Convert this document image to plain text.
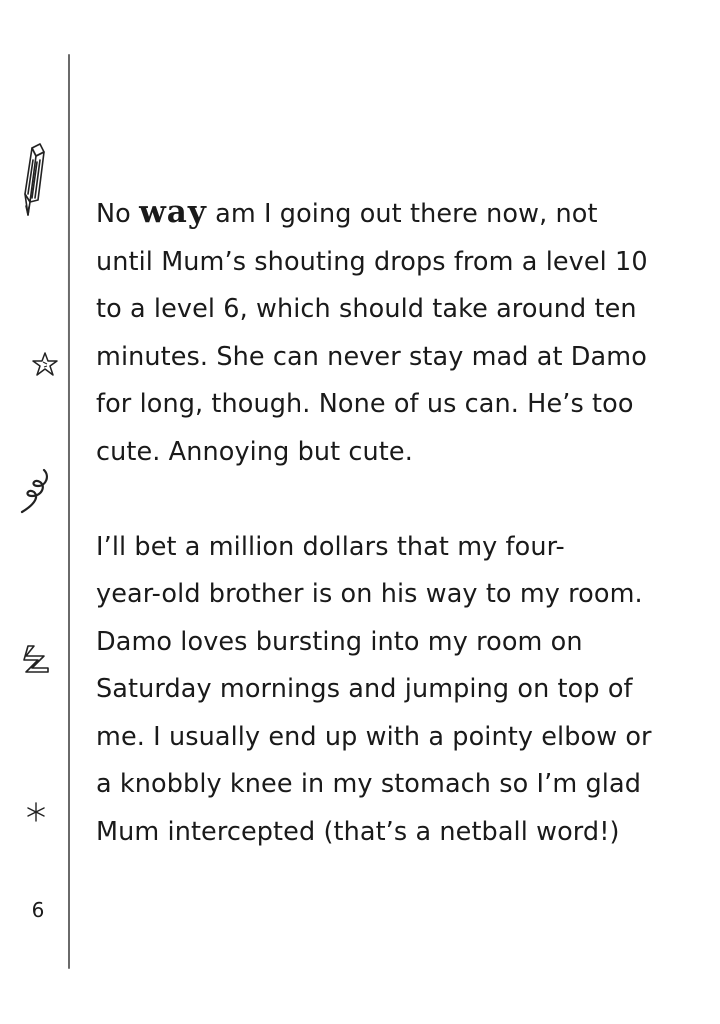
6

No way am I going out there now, not
until Mum’s shouting drops from a level 10
to a level 6, which should take around ten
minutes. She can never stay mad at Damo
for long, though. None of us can. He’s too
cute. Annoying but cute.

I’ll bet a million dollars that my four-
year-old brother is on his way to my room.
Damo loves bursting into my room on
Saturday mornings and jumping on top of
me. I usually end up with a pointy elbow or
a knobbly knee in my stomach so I’m glad
Mum intercepted (that’s a netball word!)
